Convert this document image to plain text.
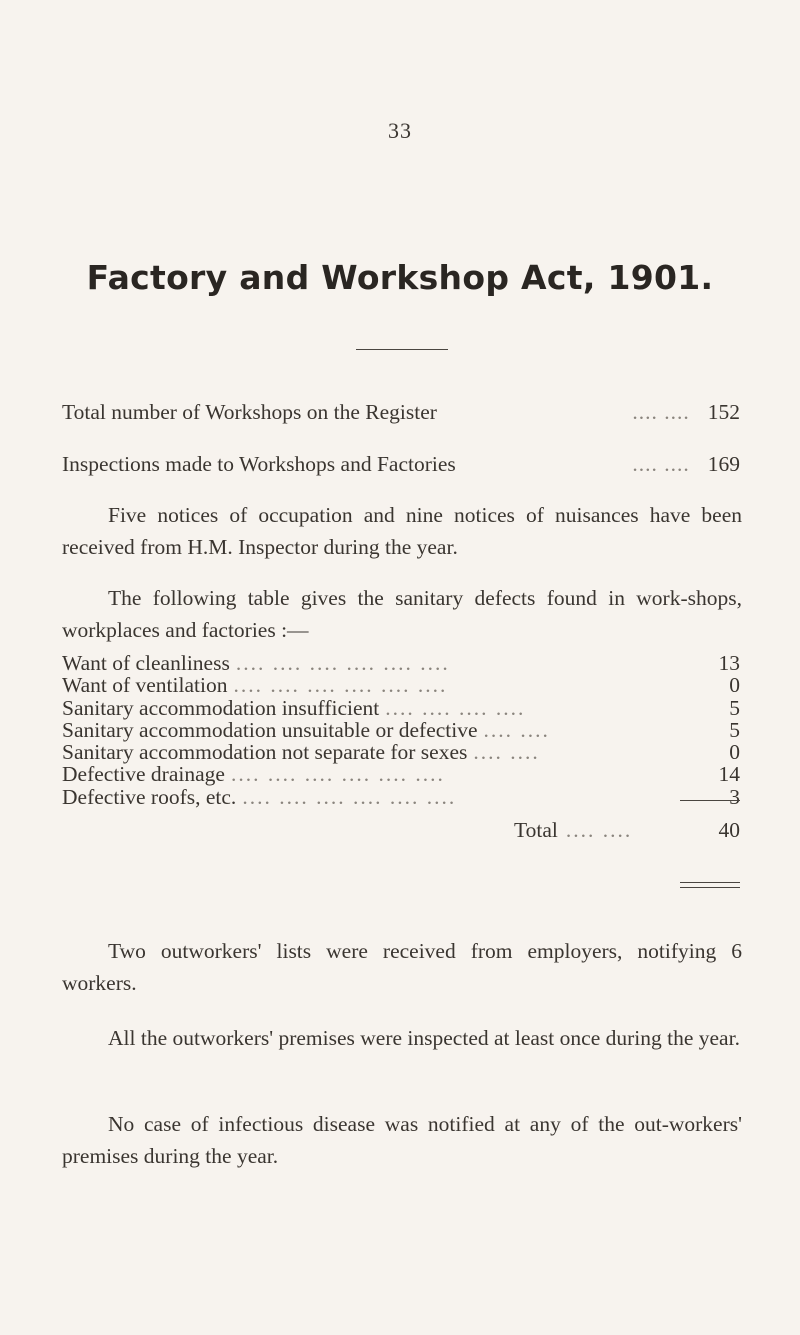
33
Factory and Workshop Act, 1901.
Total number of Workshops on the Register	.... .... 152
Inspections made to Workshops and Factories	.... .... 169
Five notices of occupation and nine notices of nuisances have been received from H.M. Inspector during the year.
The following table gives the sanitary defects found in work-shops, workplaces and factories :—
Want of cleanliness .... .... .... .... .... ....	13
Want of ventilation .... .... .... .... .... ....	0
Sanitary accommodation insufficient .... .... .... ....	5
Sanitary accommodation unsuitable or defective .... ....	5
Sanitary accommodation not separate for sexes .... ....	0
Defective drainage .... .... .... .... .... ....	14
Defective roofs, etc. .... .... .... .... .... ....	3
Total .... ....	40
Two outworkers' lists were received from employers, notifying 6 workers.
All the outworkers' premises were inspected at least once during the year.
No case of infectious disease was notified at any of the out-workers' premises during the year.
